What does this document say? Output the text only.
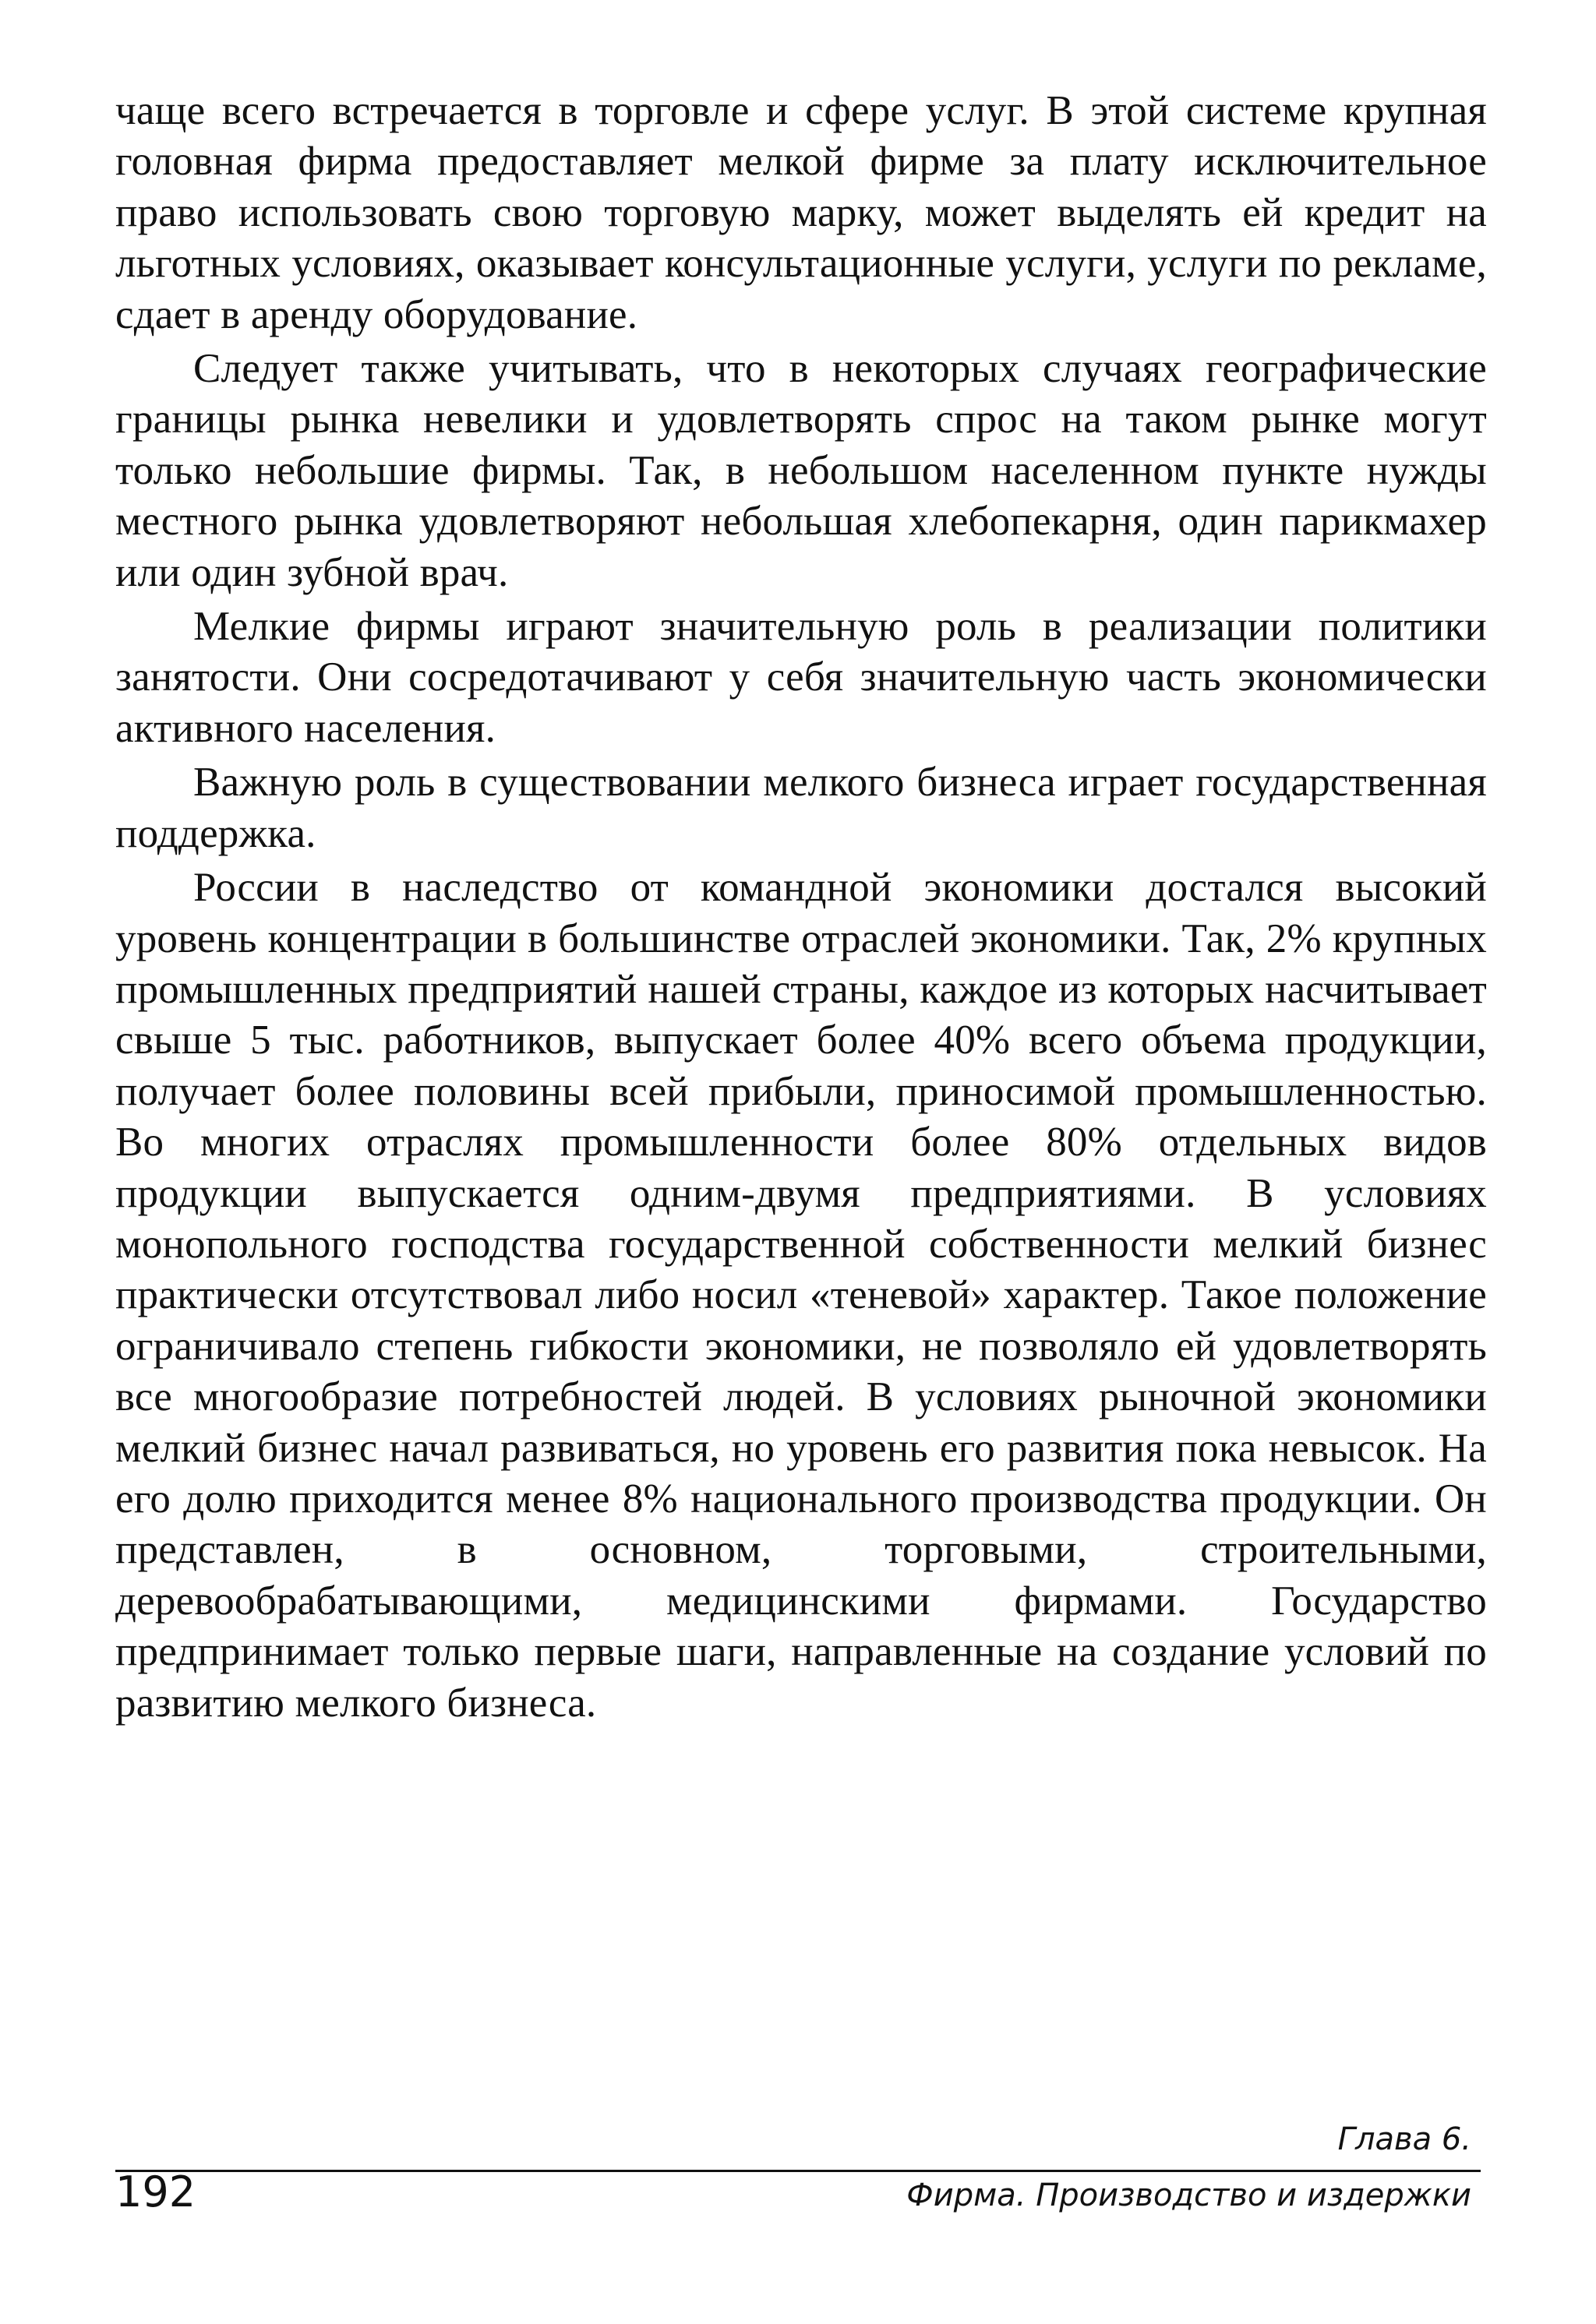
чаще всего встречается в торговле и сфере услуг. В этой системе крупная головная фирма предоставляет мелкой фирме за плату исключительное право использовать свою торговую марку, может выделять ей кредит на льготных условиях, оказывает консультационные услуги, услуги по рекламе, сдает в аренду оборудование.

Следует также учитывать, что в некоторых случаях географические границы рынка невелики и удовлетворять спрос на таком рынке могут только небольшие фирмы. Так, в небольшом населенном пункте нужды местного рынка удовлетворяют небольшая хлебопекарня, один парикмахер или один зубной врач.

Мелкие фирмы играют значительную роль в реализации политики занятости. Они сосредотачивают у себя значительную часть экономически активного населения.

Важную роль в существовании мелкого бизнеса играет государственная поддержка.

России в наследство от командной экономики достался высокий уровень концентрации в большинстве отраслей экономики. Так, 2% крупных промышленных предприятий нашей страны, каждое из которых насчитывает свыше 5 тыс. работников, выпускает более 40% всего объема продукции, получает более половины всей прибыли, приносимой промышленностью. Во многих отраслях промышленности более 80% отдельных видов продукции выпускается одним-двумя предприятиями. В условиях монопольного господства государственной собственности мелкий бизнес практически отсутствовал либо носил «теневой» характер. Такое положение ограничивало степень гибкости экономики, не позволяло ей удовлетворять все многообразие потребностей людей. В условиях рыночной экономики мелкий бизнес начал развиваться, но уровень его развития пока невысок. На его долю приходится менее 8% национального производства продукции. Он представлен, в основном, торговыми, строительными, деревообрабатывающими, медицинскими фирмами. Государство предпринимает только первые шаги, направленные на создание условий по развитию мелкого бизнеса.

Глава 6.
192	Фирма. Производство и издержки
